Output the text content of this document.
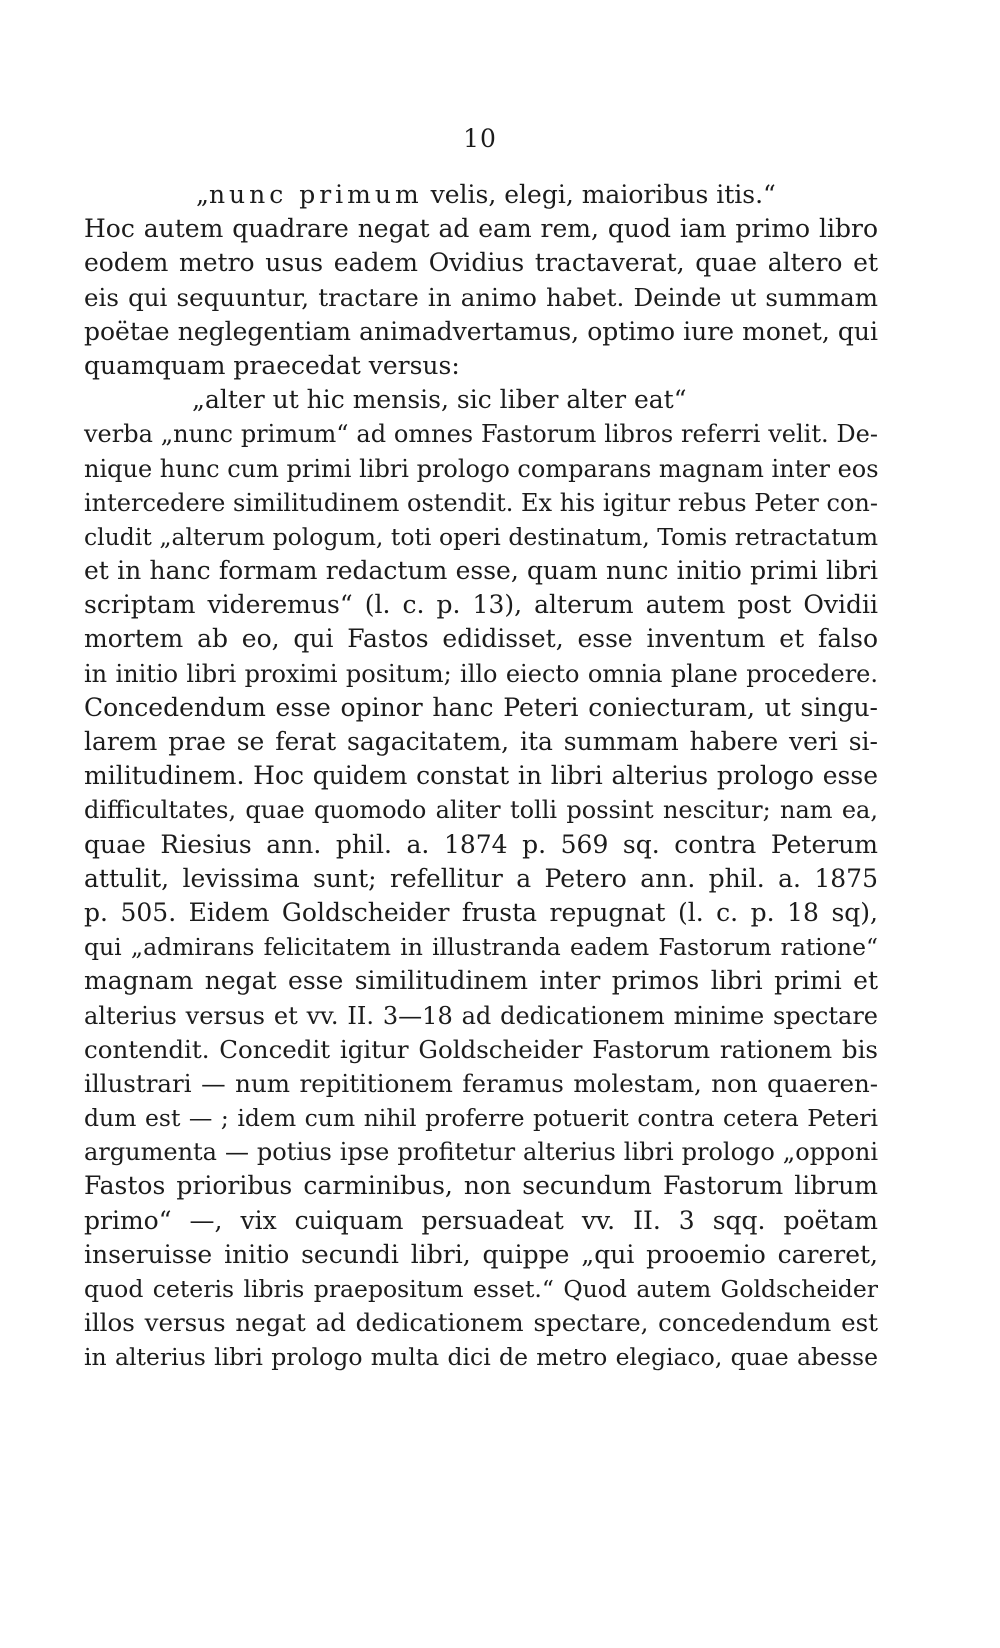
10
„nunc primum velis, elegi, maioribus itis.“
Hoc autem quadrare negat ad eam rem, quod iam primo libro
eodem metro usus eadem Ovidius tractaverat, quae altero et
eis qui sequuntur, tractare in animo habet. Deinde ut summam
poëtae neglegentiam animadvertamus, optimo iure monet, qui
quamquam praecedat versus:
„alter ut hic mensis, sic liber alter eat“
verba „nunc primum“ ad omnes Fastorum libros referri velit. De-
nique hunc cum primi libri prologo comparans magnam inter eos
intercedere similitudinem ostendit. Ex his igitur rebus Peter con-
cludit „alterum pologum, toti operi destinatum, Tomis retractatum
et in hanc formam redactum esse, quam nunc initio primi libri
scriptam videremus“ (l. c. p. 13), alterum autem post Ovidii
mortem ab eo, qui Fastos edidisset, esse inventum et falso
in initio libri proximi positum; illo eiecto omnia plane procedere.
Concedendum esse opinor hanc Peteri coniecturam, ut singu-
larem prae se ferat sagacitatem, ita summam habere veri si-
militudinem. Hoc quidem constat in libri alterius prologo esse
difficultates, quae quomodo aliter tolli possint nescitur; nam ea,
quae Riesius ann. phil. a. 1874 p. 569 sq. contra Peterum
attulit, levissima sunt; refellitur a Petero ann. phil. a. 1875
p. 505. Eidem Goldscheider frusta repugnat (l. c. p. 18 sq),
qui „admirans felicitatem in illustranda eadem Fastorum ratione“
magnam negat esse similitudinem inter primos libri primi et
alterius versus et vv. II. 3—18 ad dedicationem minime spectare
contendit. Concedit igitur Goldscheider Fastorum rationem bis
illustrari — num repititionem feramus molestam, non quaeren-
dum est — ; idem cum nihil proferre potuerit contra cetera Peteri
argumenta — potius ipse profitetur alterius libri prologo „opponi
Fastos prioribus carminibus, non secundum Fastorum librum
primo“ —, vix cuiquam persuadeat vv. II. 3 sqq. poëtam
inseruisse initio secundi libri, quippe „qui prooemio careret,
quod ceteris libris praepositum esset.“ Quod autem Goldscheider
illos versus negat ad dedicationem spectare, concedendum est
in alterius libri prologo multa dici de metro elegiaco, quae abesse
